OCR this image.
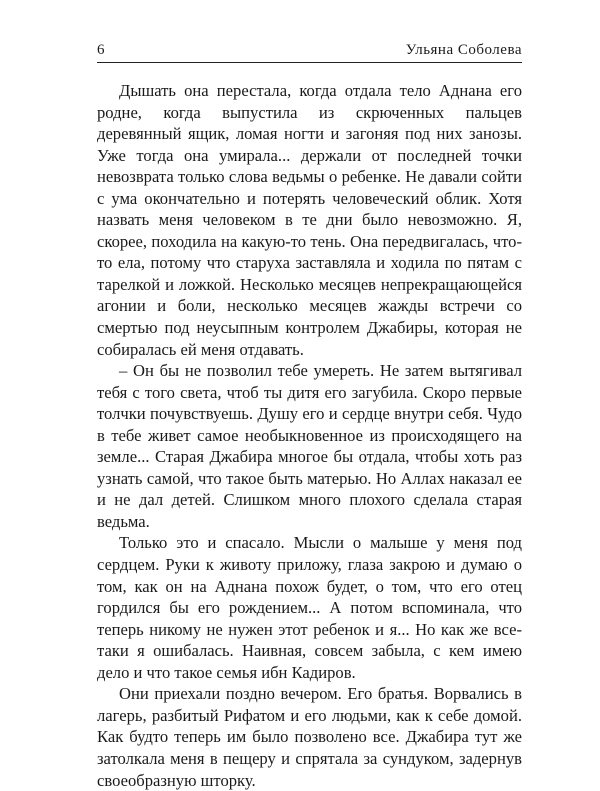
6	Ульяна Соболева

Дышать она перестала, когда отдала тело Аднана его родне, когда выпустила из скрюченных пальцев деревянный ящик, ломая ногти и загоняя под них занозы. Уже тогда она умирала... держали от последней точки невозврата только слова ведьмы о ребенке. Не давали сойти с ума окончательно и потерять человеческий облик. Хотя назвать меня человеком в те дни было невозможно. Я, скорее, походила на какую-то тень. Она передвигалась, что-то ела, потому что старуха заставляла и ходила по пятам с тарелкой и ложкой. Несколько месяцев непрекращающейся агонии и боли, несколько месяцев жажды встречи со смертью под неусыпным контролем Джабиры, которая не собиралась ей меня отдавать.

– Он бы не позволил тебе умереть. Не затем вытягивал тебя с того света, чтоб ты дитя его загубила. Скоро первые толчки почувствуешь. Душу его и сердце внутри себя. Чудо в тебе живет самое необыкновенное из происходящего на земле... Старая Джабира многое бы отдала, чтобы хоть раз узнать самой, что такое быть матерью. Но Аллах наказал ее и не дал детей. Слишком много плохого сделала старая ведьма.

Только это и спасало. Мысли о малыше у меня под сердцем. Руки к животу приложу, глаза закрою и думаю о том, как он на Аднана похож будет, о том, что его отец гордился бы его рождением... А потом вспоминала, что теперь никому не нужен этот ребенок и я... Но как же все-таки я ошибалась. Наивная, совсем забыла, с кем имею дело и что такое семья ибн Кадиров.

Они приехали поздно вечером. Его братья. Ворвались в лагерь, разбитый Рифатом и его людьми, как к себе домой. Как будто теперь им было позволено все. Джабира тут же затолкала меня в пещеру и спрятала за сундуком, задернув своеобразную шторку.
